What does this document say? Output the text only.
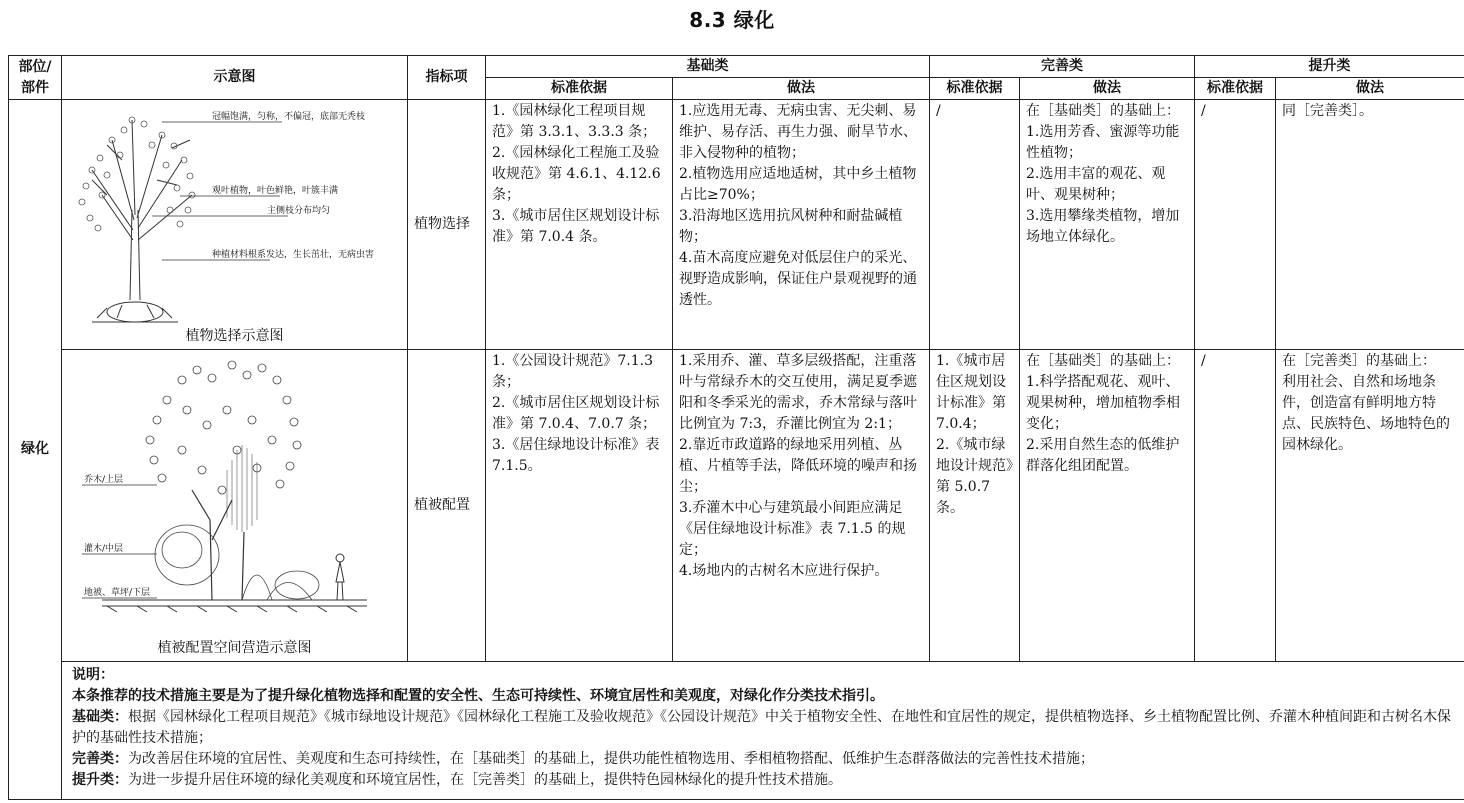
8.3 绿化
部位/
部件	示意图	指标项	基础类		完善类		提升类	
			标准依据	做法	标准依据	做法	标准依据	做法
绿化	冠幅饱满，匀称，不偏冠，底部无秃枝
观叶植物，叶色鲜艳，叶簇丰满
主侧枝分布均匀
种植材料根系发达，生长茁壮，无病虫害
植物选择示意图	植物选择	1.《园林绿化工程项目规范》第 3.3.1、3.3.3 条；
2.《园林绿化工程施工及验收规范》第 4.6.1、4.12.6 条；
3.《城市居住区规划设计标准》第 7.0.4 条。	1.应选用无毒、无病虫害、无尖刺、易维护、易存活、再生力强、耐旱节水、非入侵物种的植物；
2.植物选用应适地适树，其中乡土植物占比≥70%；
3.沿海地区选用抗风树种和耐盐碱植物；
4.苗木高度应避免对低层住户的采光、视野造成影响，保证住户景观视野的通透性。	/	在［基础类］的基础上：
1.选用芳香、蜜源等功能性植物；
2.选用丰富的观花、观叶、观果树种；
3.选用攀缘类植物，增加场地立体绿化。	/	同［完善类］。

乔木/上层
灌木/中层
地被、草坪/下层
植被配置空间营造示意图	植被配置	1.《公园设计规范》7.1.3 条；
2.《城市居住区规划设计标准》第 7.0.4、7.0.7 条；
3.《居住绿地设计标准》表 7.1.5。	1.采用乔、灌、草多层级搭配，注重落叶与常绿乔木的交互使用，满足夏季遮阳和冬季采光的需求，乔木常绿与落叶比例宜为 7:3，乔灌比例宜为 2:1；
2.靠近市政道路的绿地采用列植、丛植、片植等手法，降低环境的噪声和扬尘；
3.乔灌木中心与建筑最小间距应满足《居住绿地设计标准》表 7.1.5 的规定；
4.场地内的古树名木应进行保护。	1.《城市居住区规划设计标准》第 7.0.4；
2.《城市绿地设计规范》第 5.0.7 条。	在［基础类］的基础上：
1.科学搭配观花、观叶、观果树种，增加植物季相变化；
2.采用自然生态的低维护群落化组团配置。	/	在［完善类］的基础上：
利用社会、自然和场地条件，创造富有鲜明地方特点、民族特色、场地特色的园林绿化。

	说明：
本条推荐的技术措施主要是为了提升绿化植物选择和配置的安全性、生态可持续性、环境宜居性和美观度，对绿化作分类技术指引。
基础类：根据《园林绿化工程项目规范》《城市绿地设计规范》《园林绿化工程施工及验收规范》《公园设计规范》中关于植物安全性、在地性和宜居性的规定，提供植物选择、乡土植物配置比例、乔灌木种植间距和古树名木保护的基础性技术措施；
完善类：为改善居住环境的宜居性、美观度和生态可持续性，在［基础类］的基础上，提供功能性植物选用、季相植物搭配、低维护生态群落做法的完善性技术措施；
提升类：为进一步提升居住环境的绿化美观度和环境宜居性，在［完善类］的基础上，提供特色园林绿化的提升性技术措施。							
